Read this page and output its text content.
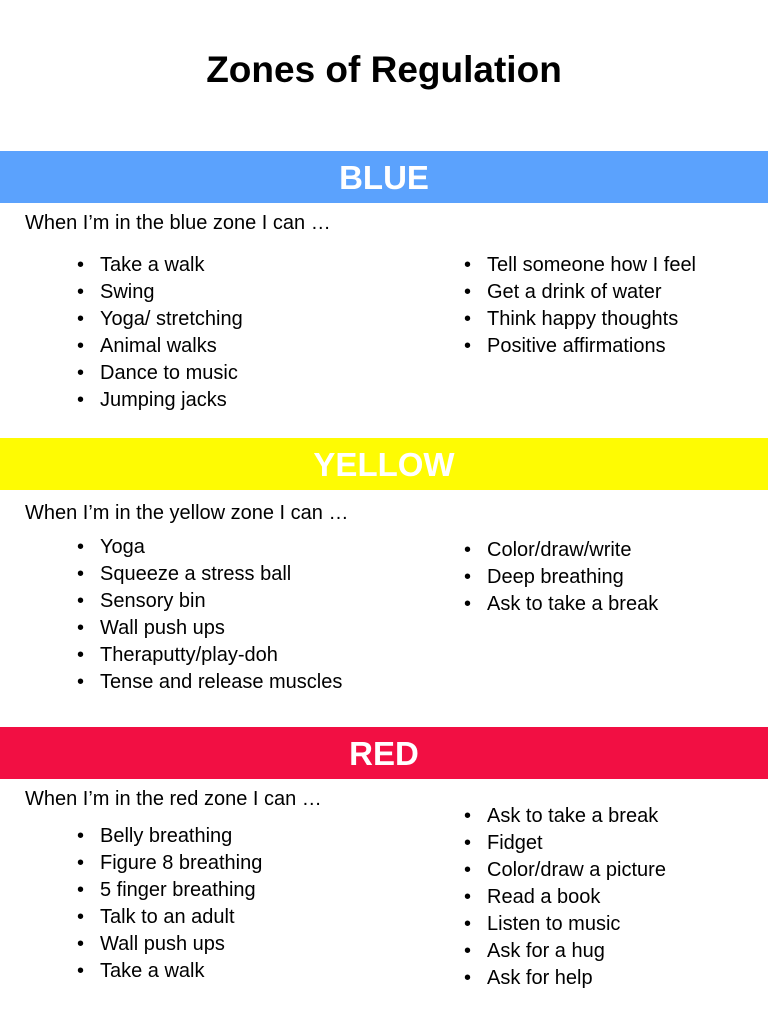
Zones of Regulation
BLUE
When I’m in the blue zone I can …
• Take a walk
• Swing
• Yoga/ stretching
• Animal walks
• Dance to music
• Jumping jacks
• Tell someone how I feel
• Get a drink of water
• Think happy thoughts
• Positive affirmations
YELLOW
When I’m in the yellow zone I can …
• Yoga
• Squeeze a stress ball
• Sensory bin
• Wall push ups
• Theraputty/play-doh
• Tense and release muscles
• Color/draw/write
• Deep breathing
• Ask to take a break
RED
When I’m in the red zone I can …
• Belly breathing
• Figure 8 breathing
• 5 finger breathing
• Talk to an adult
• Wall push ups
• Take a walk
• Ask to take a break
• Fidget
• Color/draw a picture
• Read a book
• Listen to music
• Ask for a hug
• Ask for help
